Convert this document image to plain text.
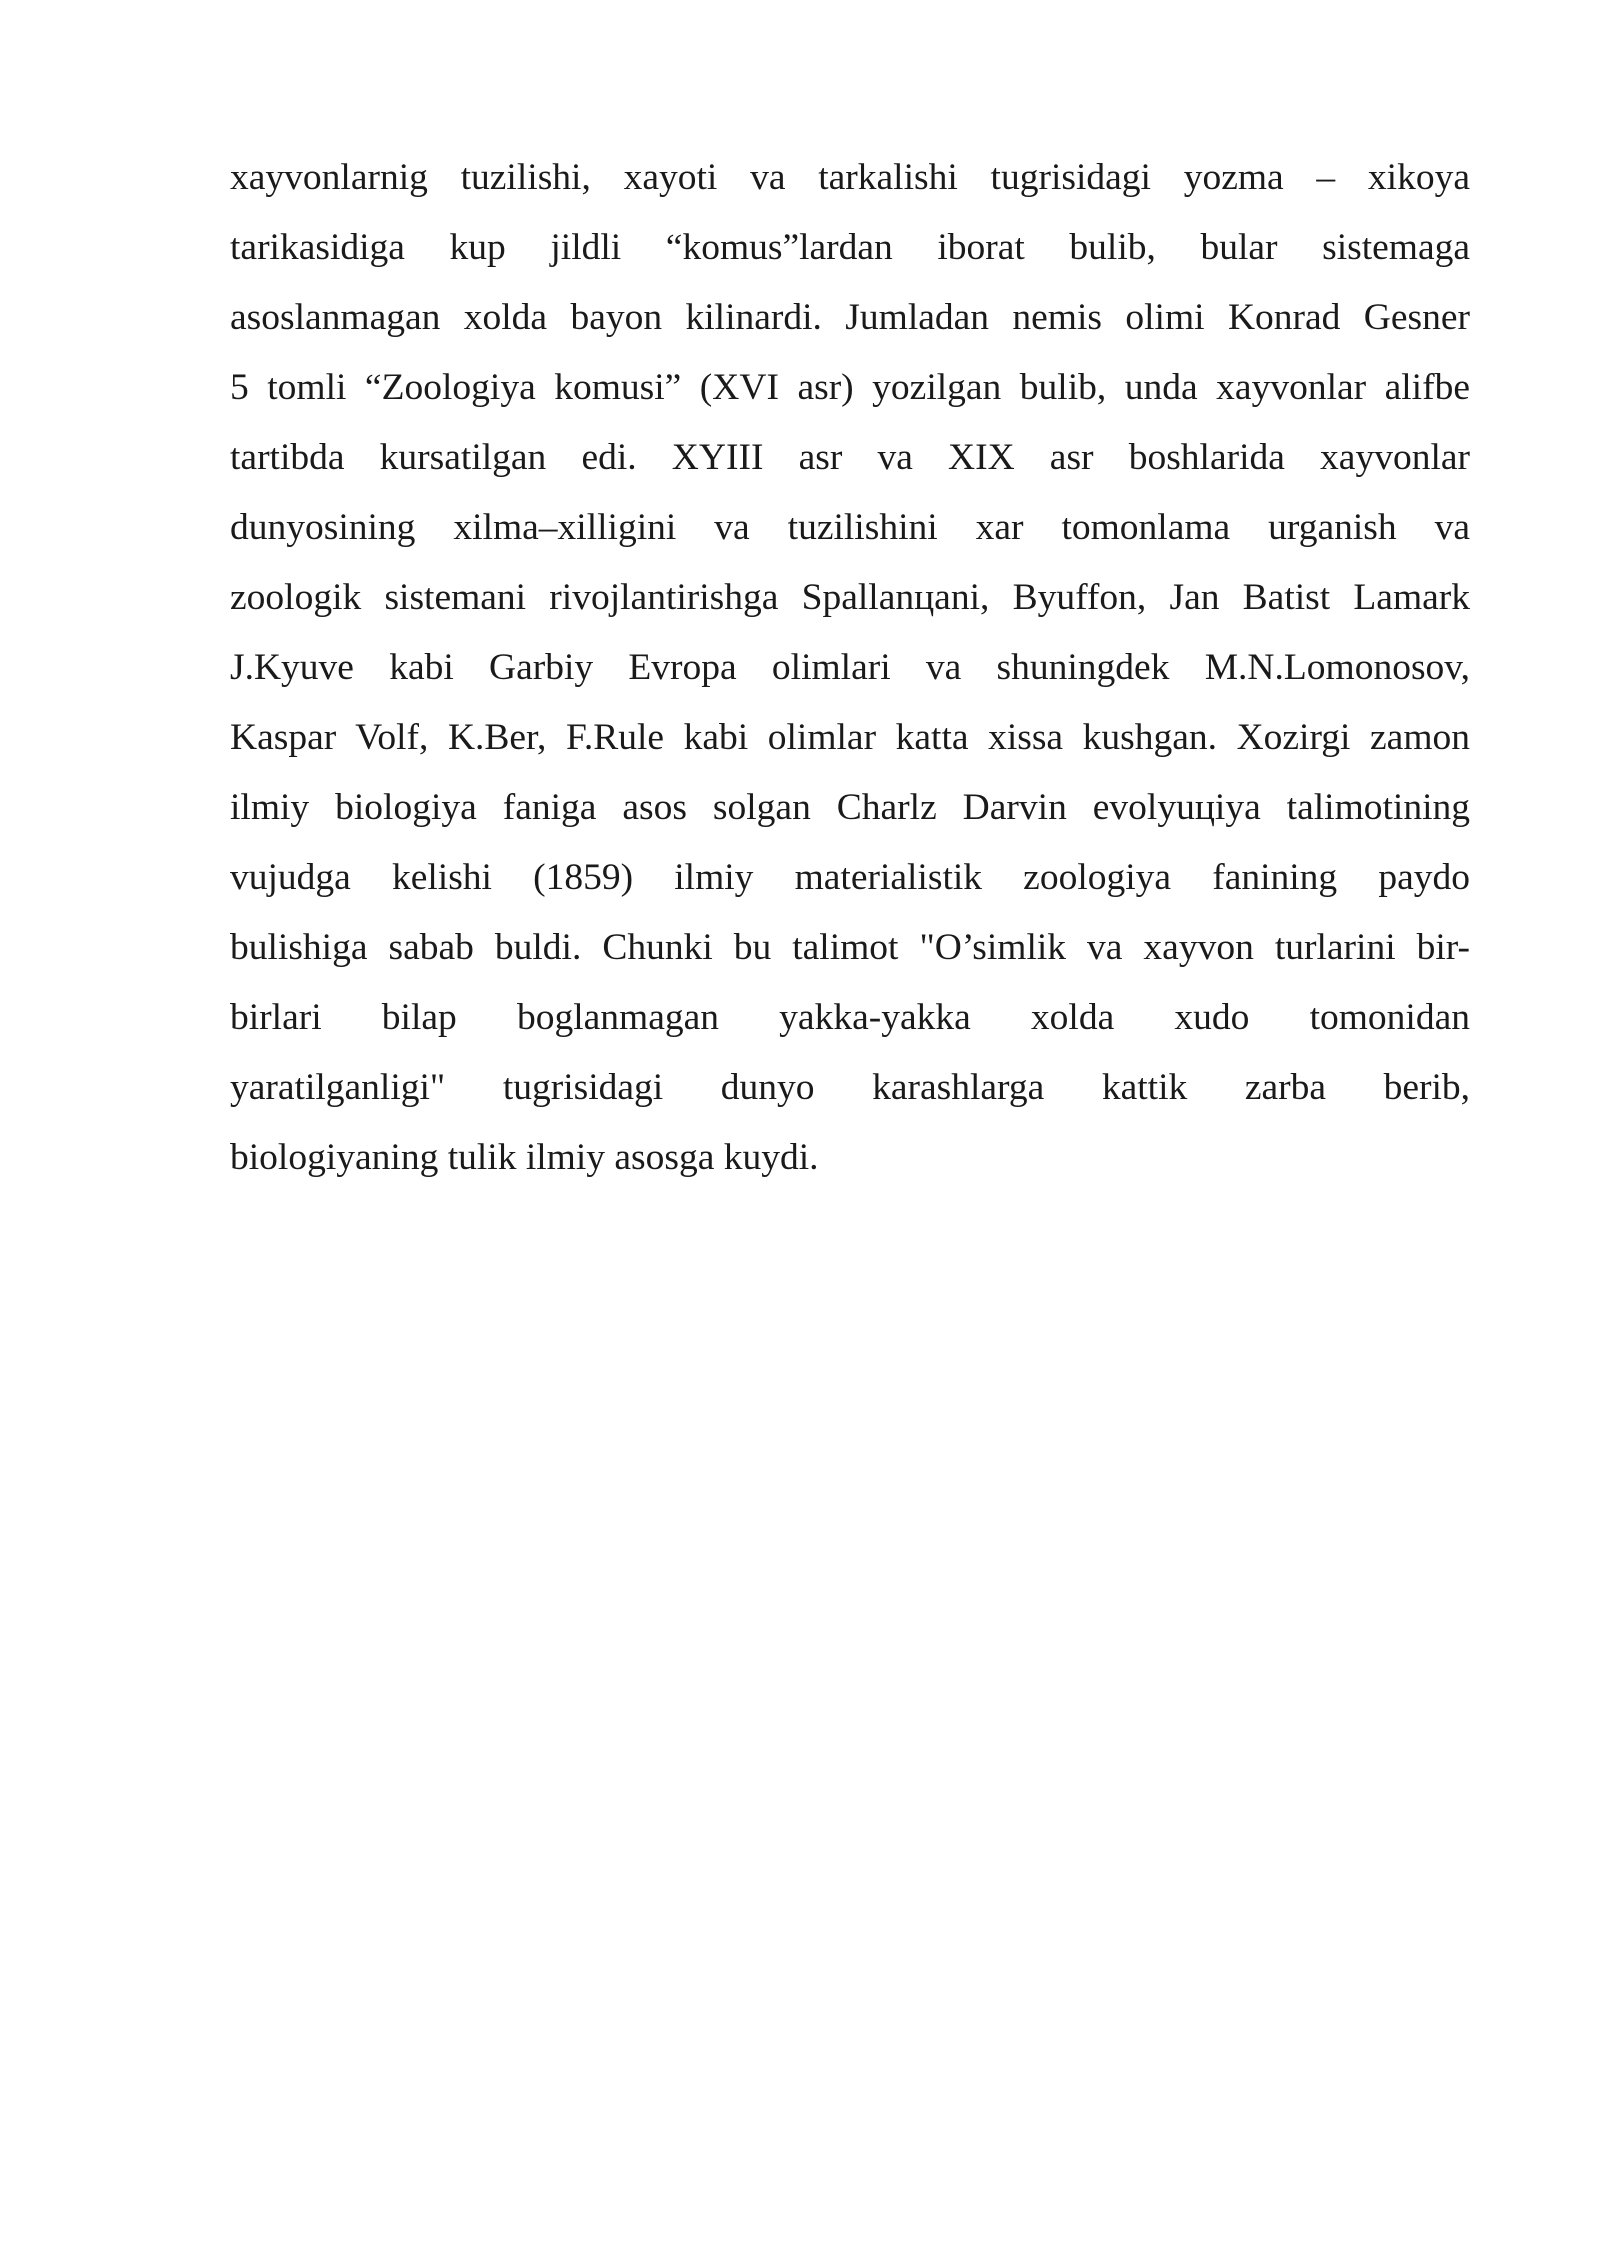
xayvonlarnig tuzilishi, xayoti va tarkalishi tugrisidagi yozma – xikoya
tarikasidiga kup jildli “komus”lardan iborat bulib, bular sistemaga
asoslanmagan xolda bayon kilinardi. Jumladan nemis olimi Konrad Gesner
5 tomli “Zoologiya komusi” (XVI asr) yozilgan bulib, unda xayvonlar alifbe
tartibda kursatilgan edi. XYIII asr va XIX asr boshlarida xayvonlar
dunyosining xilma–xilligini va tuzilishini xar tomonlama urganish va
zoologik sistemani rivojlantirishga Spallanцani, Byuffon, Jan Batist Lamark
J.Kyuve kabi Garbiy Evropa olimlari va shuningdek M.N.Lomonosov,
Kaspar Volf, K.Ber, F.Rule kabi olimlar katta xissa kushgan. Xozirgi zamon
ilmiy biologiya faniga asos solgan Charlz Darvin evolyuцiya talimotining
vujudga kelishi (1859) ilmiy materialistik zoologiya fanining paydo
bulishiga sabab buldi. Chunki bu talimot "O’simlik va xayvon turlarini bir-
birlari bilap boglanmagan yakka-yakka xolda xudo tomonidan
yaratilganligi" tugrisidagi dunyo karashlarga kattik zarba berib,
biologiyaning tulik ilmiy asosga kuydi.
